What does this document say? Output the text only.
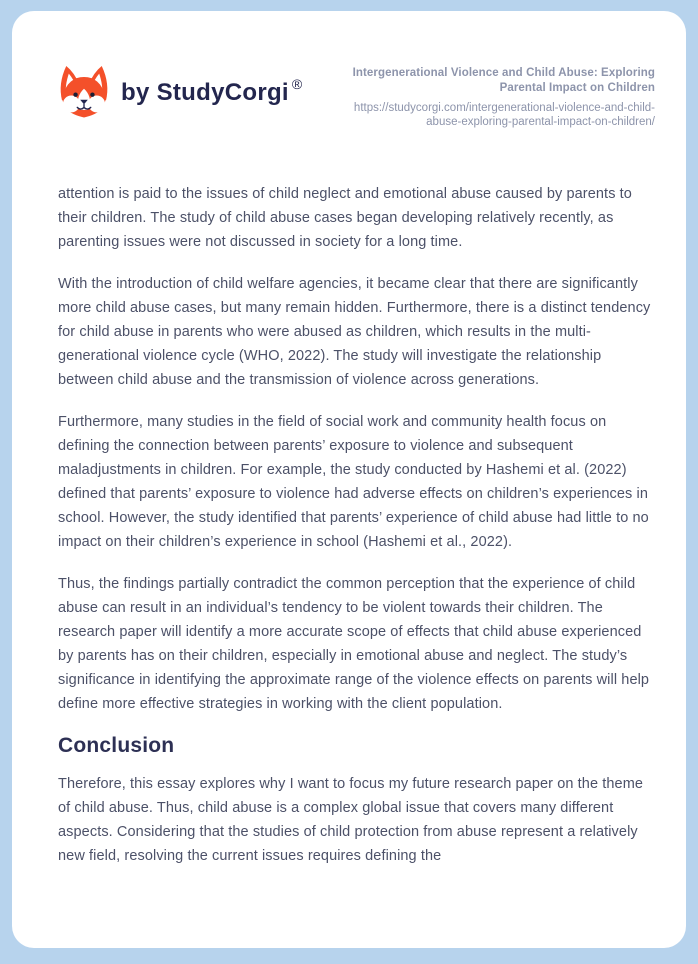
by StudyCorgi ®
Intergenerational Violence and Child Abuse: Exploring Parental Impact on Children
https://studycorgi.com/intergenerational-violence-and-child-abuse-exploring-parental-impact-on-children/

attention is paid to the issues of child neglect and emotional abuse caused by parents to their children. The study of child abuse cases began developing relatively recently, as parenting issues were not discussed in society for a long time.

With the introduction of child welfare agencies, it became clear that there are significantly more child abuse cases, but many remain hidden. Furthermore, there is a distinct tendency for child abuse in parents who were abused as children, which results in the multi-generational violence cycle (WHO, 2022). The study will investigate the relationship between child abuse and the transmission of violence across generations.

Furthermore, many studies in the field of social work and community health focus on defining the connection between parents’ exposure to violence and subsequent maladjustments in children. For example, the study conducted by Hashemi et al. (2022) defined that parents’ exposure to violence had adverse effects on children’s experiences in school. However, the study identified that parents’ experience of child abuse had little to no impact on their children’s experience in school (Hashemi et al., 2022).

Thus, the findings partially contradict the common perception that the experience of child abuse can result in an individual’s tendency to be violent towards their children. The research paper will identify a more accurate scope of effects that child abuse experienced by parents has on their children, especially in emotional abuse and neglect. The study’s significance in identifying the approximate range of the violence effects on parents will help define more effective strategies in working with the client population.

Conclusion

Therefore, this essay explores why I want to focus my future research paper on the theme of child abuse. Thus, child abuse is a complex global issue that covers many different aspects. Considering that the studies of child protection from abuse represent a relatively new field, resolving the current issues requires defining the
